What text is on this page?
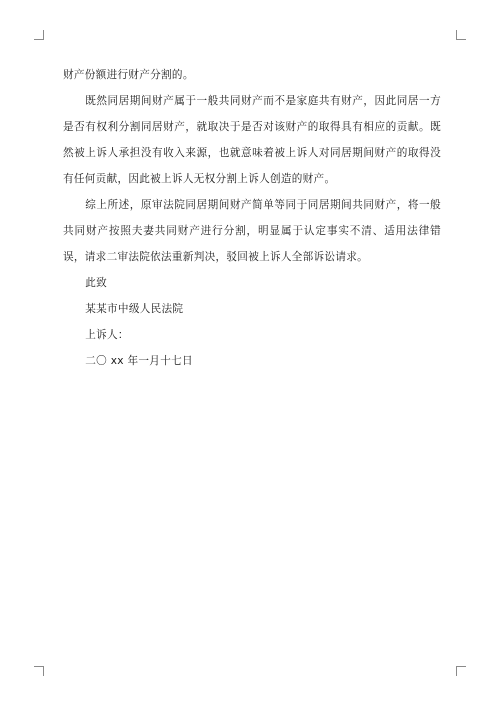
财产份额进行财产分割的。

既然同居期间财产属于一般共同财产而不是家庭共有财产，因此同居一方是否有权利分割同居财产，就取决于是否对该财产的取得具有相应的贡献。既然被上诉人承担没有收入来源，也就意味着被上诉人对同居期间财产的取得没有任何贡献，因此被上诉人无权分割上诉人创造的财产。

综上所述，原审法院同居期间财产简单等同于同居期间共同财产，将一般共同财产按照夫妻共同财产进行分割，明显属于认定事实不清、适用法律错误，请求二审法院依法重新判决，驳回被上诉人全部诉讼请求。

此致

某某市中级人民法院

上诉人：

二〇 xx 年一月十七日
